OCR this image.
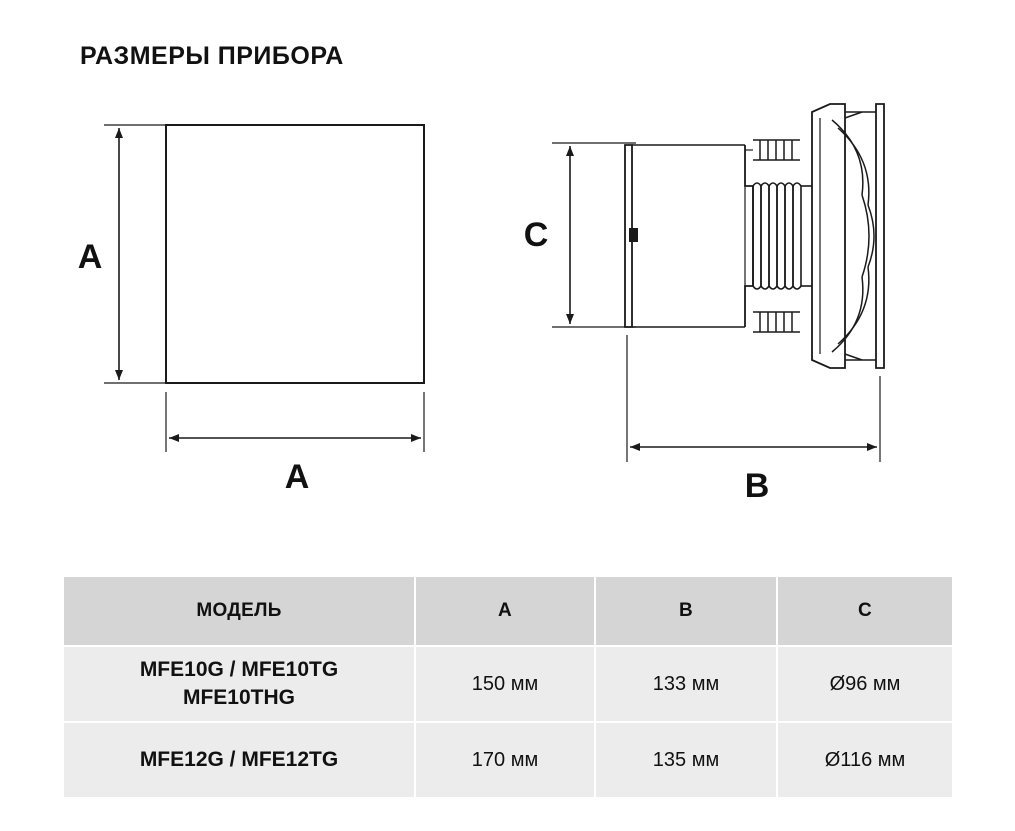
РАЗМЕРЫ ПРИБОРА
A
A
C
B
МОДЕЛЬ	A	B	C

MFE10G / MFE10TG
MFE10THG	150 мм	133 мм	Ø96 мм

MFE12G / MFE12TG	170 мм	135 мм	Ø116 мм
